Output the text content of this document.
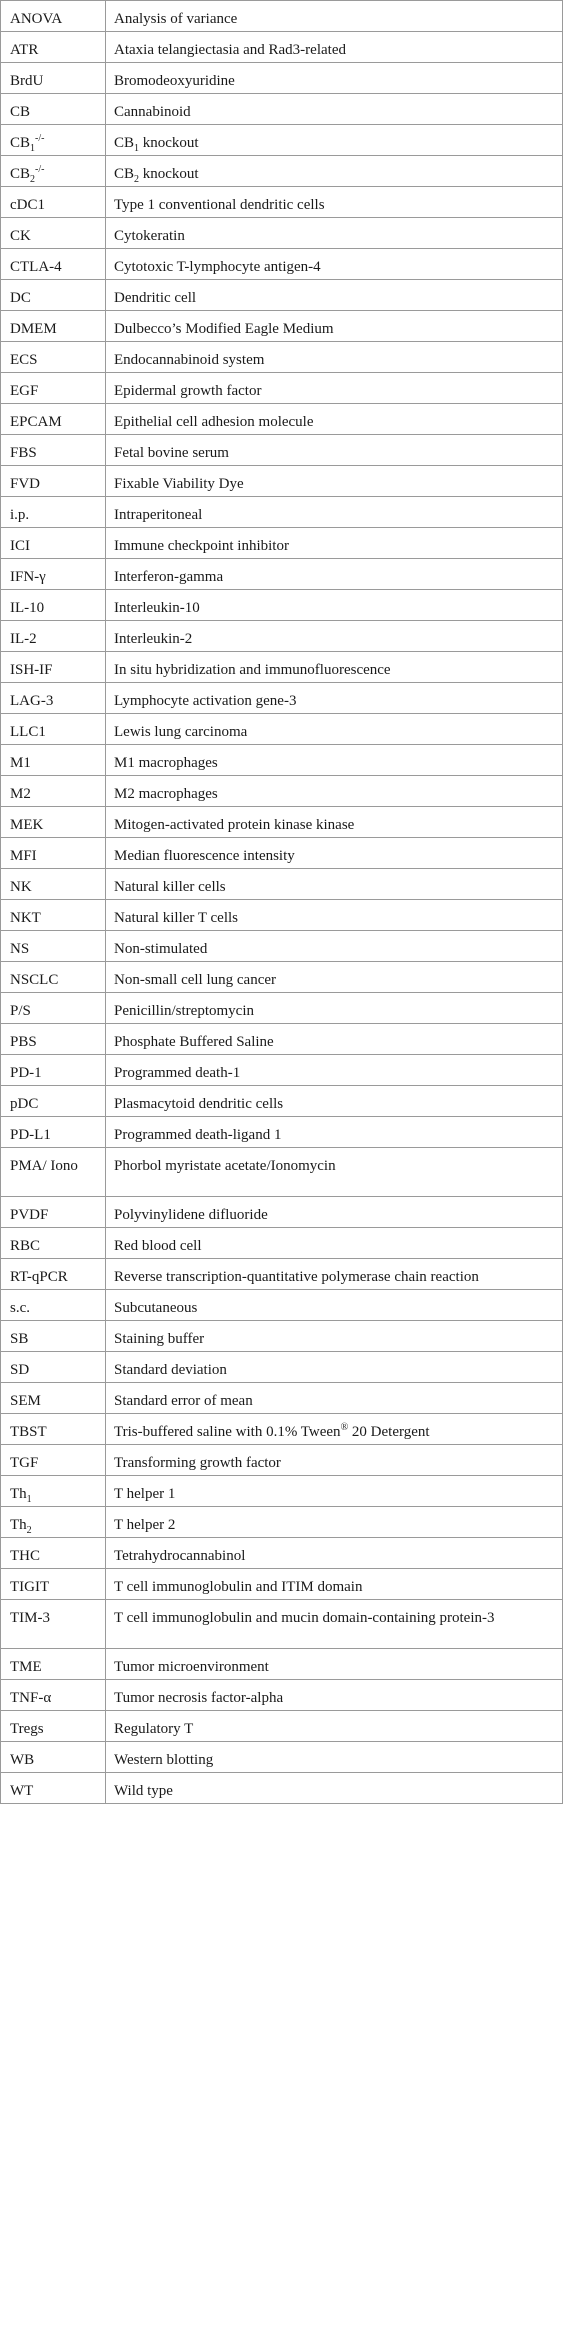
ANOVA	Analysis of variance
ATR	Ataxia telangiectasia and Rad3-related
BrdU	Bromodeoxyuridine
CB	Cannabinoid
$CB_1^{-/-}$	$CB_1$ knockout
$CB_2^{-/-}$	$CB_2$ knockout
cDC1	Type 1 conventional dendritic cells
CK	Cytokeratin
CTLA-4	Cytotoxic T-lymphocyte antigen-4
DC	Dendritic cell
DMEM	Dulbecco’s Modified Eagle Medium
ECS	Endocannabinoid system
EGF	Epidermal growth factor
EPCAM	Epithelial cell adhesion molecule
FBS	Fetal bovine serum
FVD	Fixable Viability Dye
i.p.	Intraperitoneal
ICI	Immune checkpoint inhibitor
IFN-γ	Interferon-gamma
IL-10	Interleukin-10
IL-2	Interleukin-2
ISH-IF	In situ hybridization and immunofluorescence
LAG-3	Lymphocyte activation gene-3
LLC1	Lewis lung carcinoma
M1	M1 macrophages
M2	M2 macrophages
MEK	Mitogen-activated protein kinase kinase
MFI	Median fluorescence intensity
NK	Natural killer cells
NKT	Natural killer T cells
NS	Non-stimulated
NSCLC	Non-small cell lung cancer
P/S	Penicillin/streptomycin
PBS	Phosphate Buffered Saline
PD-1	Programmed death-1
pDC	Plasmacytoid dendritic cells
PD-L1	Programmed death-ligand 1
PMA/ Iono	Phorbol myristate acetate/Ionomycin
PVDF	Polyvinylidene difluoride
RBC	Red blood cell
RT-qPCR	Reverse transcription-quantitative polymerase chain reaction
s.c.	Subcutaneous
SB	Staining buffer
SD	Standard deviation
SEM	Standard error of mean
TBST	Tris-buffered saline with 0.1% Tween® 20 Detergent
TGF	Transforming growth factor
$Th_1$	T helper 1
$Th_2$	T helper 2
THC	Tetrahydrocannabinol
TIGIT	T cell immunoglobulin and ITIM domain
TIM-3	T cell immunoglobulin and mucin domain-containing protein-3
TME	Tumor microenvironment
TNF-α	Tumor necrosis factor-alpha
Tregs	Regulatory T
WB	Western blotting
WT	Wild type
